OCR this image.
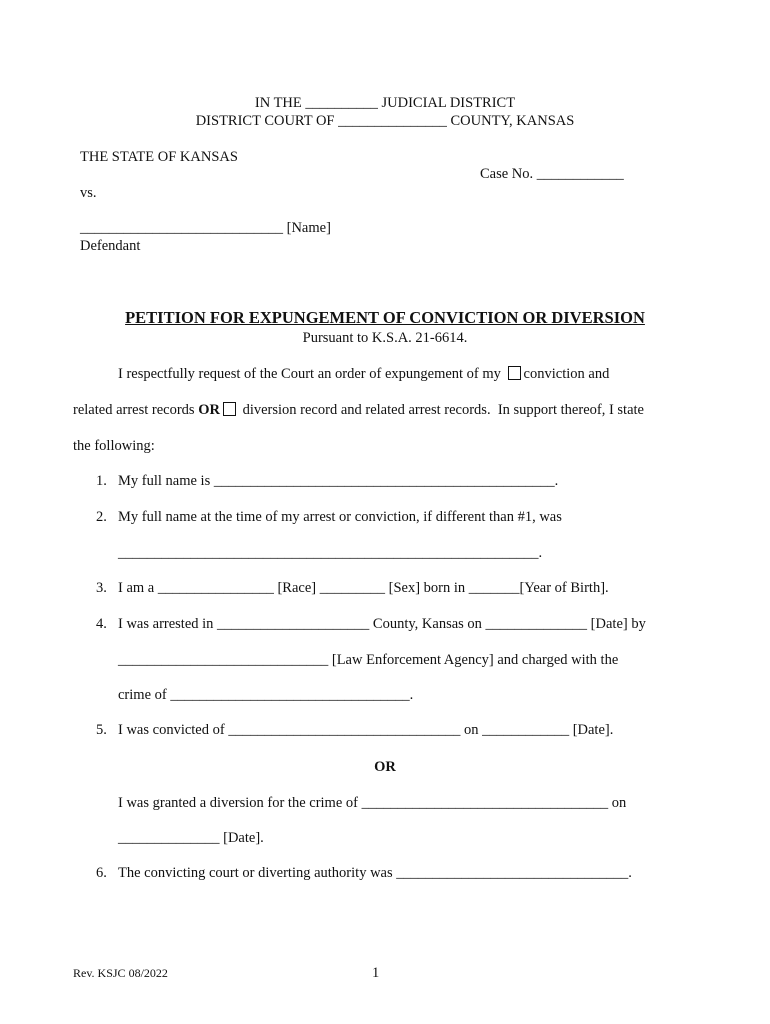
IN THE __________ JUDICIAL DISTRICT
DISTRICT COURT OF _______________ COUNTY, KANSAS
THE STATE OF KANSAS
Case No. ____________
vs.
____________________________ [Name]
Defendant
PETITION FOR EXPUNGEMENT OF CONVICTION OR DIVERSION
Pursuant to K.S.A. 21-6614.
I respectfully request of the Court an order of expungement of my conviction and
related arrest records OR diversion record and related arrest records.  In support thereof, I state
the following:
1. My full name is _______________________________________________.
2. My full name at the time of my arrest or conviction, if different than #1, was
__________________________________________________________.
3. I am a ________________ [Race] _________ [Sex] born in _______[Year of Birth].
4. I was arrested in _____________________ County, Kansas on ______________ [Date] by
_____________________________ [Law Enforcement Agency] and charged with the
crime of _________________________________.
5. I was convicted of ________________________________ on ____________ [Date].
OR
I was granted a diversion for the crime of __________________________________ on
______________ [Date].
6. The convicting court or diverting authority was ________________________________.
Rev. KSJC 08/2022	1
